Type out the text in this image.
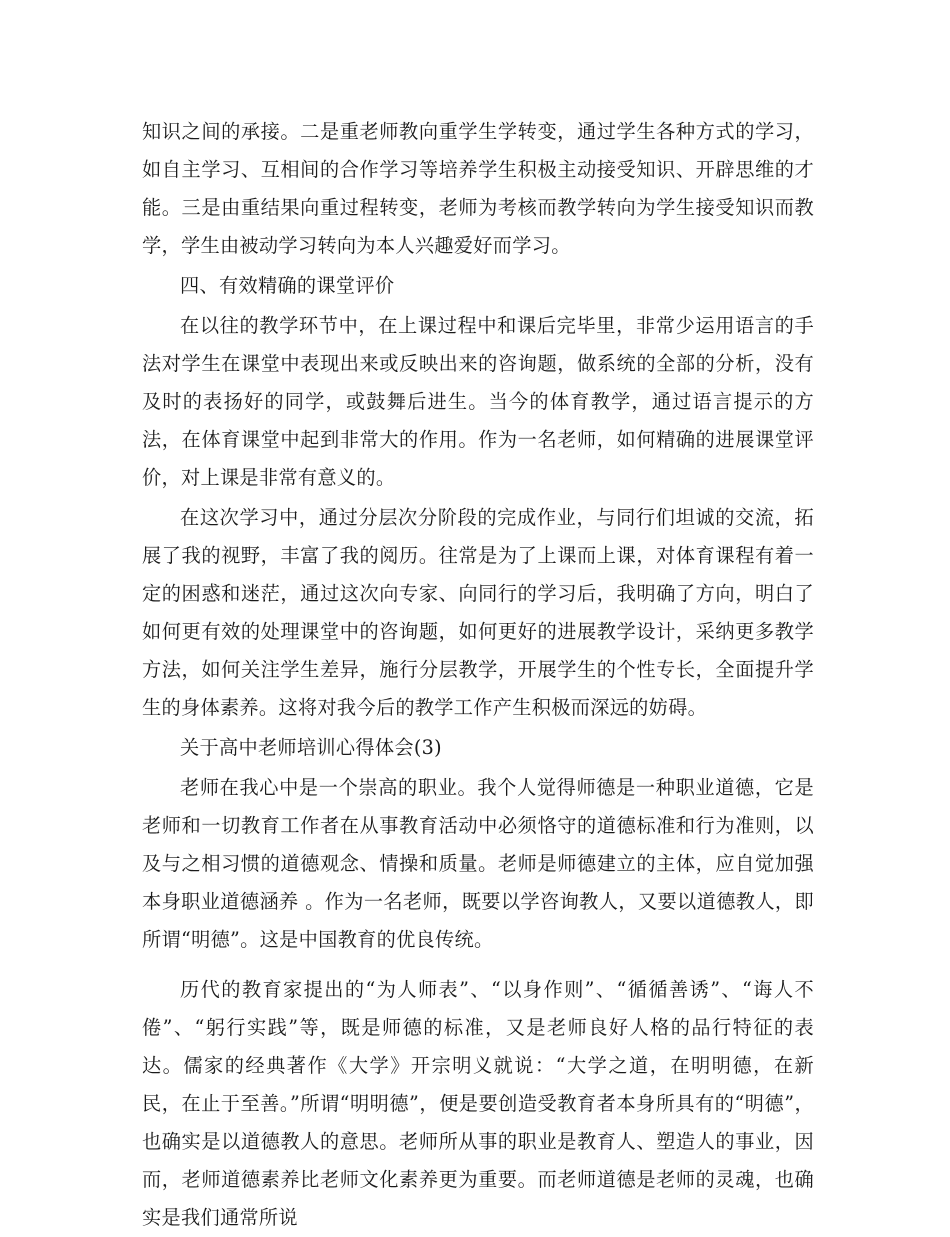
知识之间的承接。二是重老师教向重学生学转变，通过学生各种方式的学习，如自主学习、互相间的合作学习等培养学生积极主动接受知识、开辟思维的才能。三是由重结果向重过程转变，老师为考核而教学转向为学生接受知识而教学，学生由被动学习转向为本人兴趣爱好而学习。

四、有效精确的课堂评价

在以往的教学环节中，在上课过程中和课后完毕里，非常少运用语言的手法对学生在课堂中表现出来或反映出来的咨询题，做系统的全部的分析，没有及时的表扬好的同学，或鼓舞后进生。当今的体育教学，通过语言提示的方法，在体育课堂中起到非常大的作用。作为一名老师，如何精确的进展课堂评价，对上课是非常有意义的。

在这次学习中，通过分层次分阶段的完成作业，与同行们坦诚的交流，拓展了我的视野，丰富了我的阅历。往常是为了上课而上课，对体育课程有着一定的困惑和迷茫，通过这次向专家、向同行的学习后，我明确了方向，明白了如何更有效的处理课堂中的咨询题，如何更好的进展教学设计，采纳更多教学方法，如何关注学生差异，施行分层教学，开展学生的个性专长，全面提升学生的身体素养。这将对我今后的教学工作产生积极而深远的妨碍。

关于高中老师培训心得体会(3)

老师在我心中是一个崇高的职业。我个人觉得师德是一种职业道德，它是老师和一切教育工作者在从事教育活动中必须恪守的道德标准和行为准则，以及与之相习惯的道德观念、情操和质量。老师是师德建立的主体，应自觉加强本身职业道德涵养 。作为一名老师，既要以学咨询教人，又要以道德教人，即所谓“明德”。这是中国教育的优良传统。

历代的教育家提出的“为人师表”、“以身作则”、“循循善诱”、“诲人不倦”、“躬行实践”等，既是师德的标准，又是老师良好人格的品行特征的表达。儒家的经典著作《大学》开宗明义就说：“大学之道，在明明德，在新民，在止于至善。”所谓“明明德”，便是要创造受教育者本身所具有的“明德”，也确实是以道德教人的意思。老师所从事的职业是教育人、塑造人的事业，因而，老师道德素养比老师文化素养更为重要。而老师道德是老师的灵魂，也确实是我们通常所说
